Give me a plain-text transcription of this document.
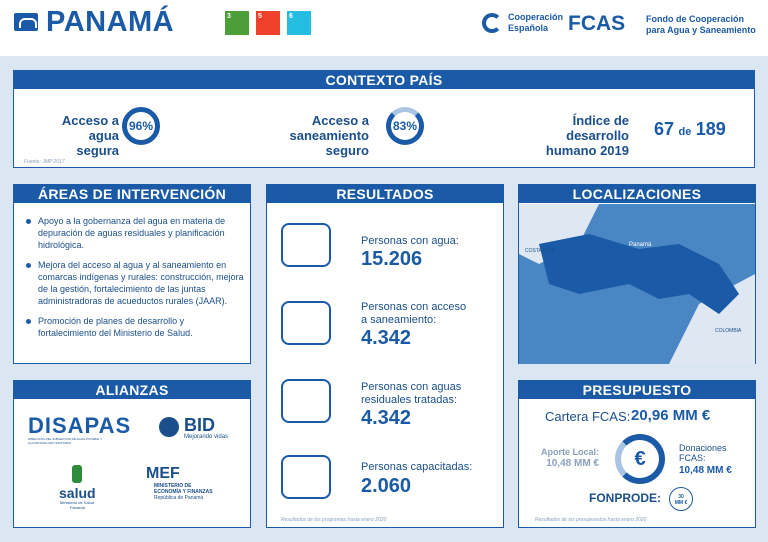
PANAMÁ	3	5	6	Cooperación
Española FCAS Fondo de Cooperación
para Agua y Saneamiento
CONTEXTO PAÍS
Acceso a
agua
segura
96%	Acceso a
saneamiento
seguro
83%	Índice de
desarrollo
humano 2019
67 de 189
Fuente: JMP 2017
ÁREAS DE INTERVENCIÓN
Apoyo a la gobernanza del agua en materia de depuración de aguas residuales y planificación hidrológica.
Mejora del acceso al agua y al saneamiento en comarcas indígenas y rurales: construcción, mejora de la gestión, fortalecimiento de las juntas administradoras de acueductos rurales (JAAR).
Promoción de planes de desarrollo y fortalecimiento del Ministerio de Salud.
RESULTADOS
Personas con agua:
15.206
Personas con acceso
a saneamiento:
4.342
Personas con aguas
residuales tratadas:
4.342
Personas capacitadas:
2.060
Resultados de los programas hasta enero 2020
LOCALIZACIONES
COSTA RICA
Panamá
COLOMBIA
ALIANZAS
DISAPAS
DIRECCIÓN DEL SUBSECTOR DE AGUA POTABLE Y ALCANTARILLADO SANITARIO
BID
Mejorando vidas
salud
Ministerio de Salud
Panamá
MEF
MINISTERIO DE
ECONOMÍA Y FINANZAS
República de Panamá
PRESUPUESTO
Cartera FCAS: 20,96 MM €
Aporte Local:
10,48 MM €	€	Donaciones
FCAS:
10,48 MM €
FONPRODE:	30
MM €
Resultados de los presupuestos hasta enero 2020
